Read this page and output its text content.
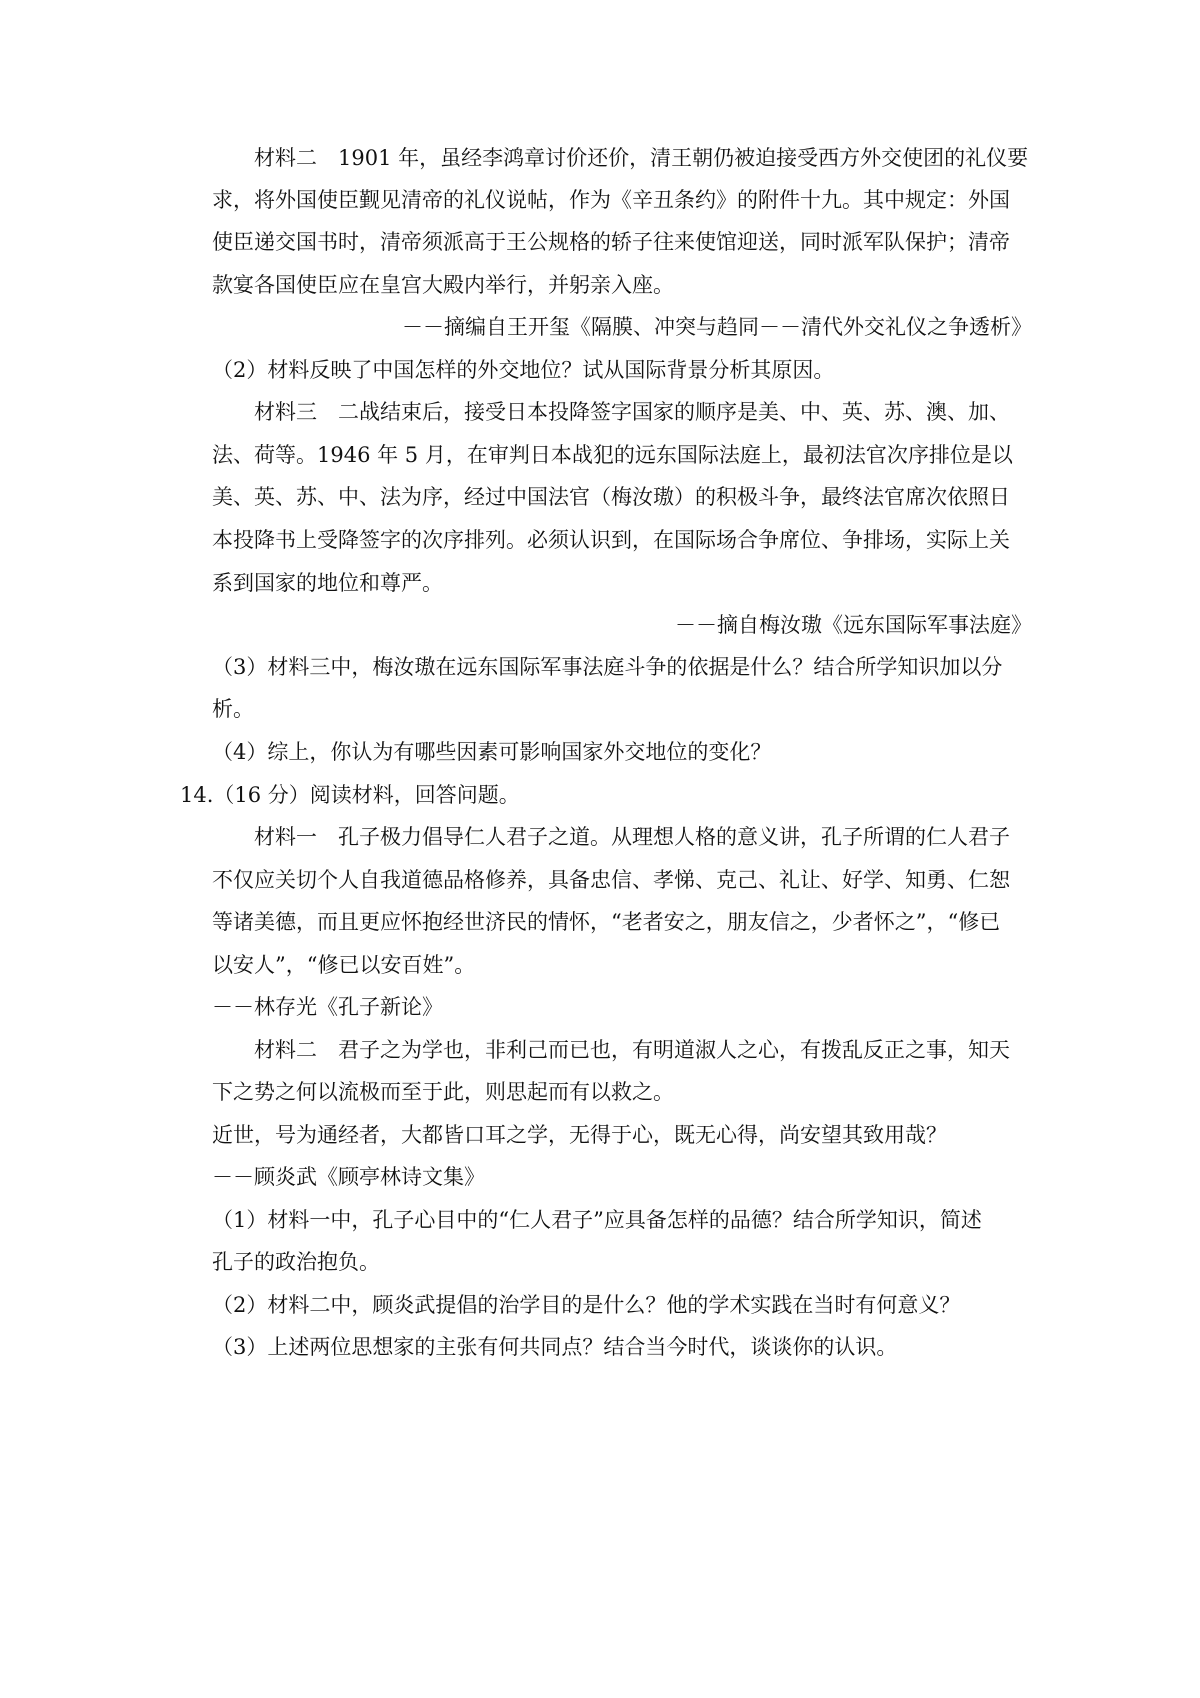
材料二　1901 年，虽经李鸿章讨价还价，清王朝仍被迫接受西方外交使团的礼仪要
求，将外国使臣觐见清帝的礼仪说帖，作为《辛丑条约》的附件十九。其中规定：外国
使臣递交国书时，清帝须派高于王公规格的轿子往来使馆迎送，同时派军队保护；清帝
款宴各国使臣应在皇宫大殿内举行，并躬亲入座。
－－摘编自王开玺《隔膜、冲突与趋同－－清代外交礼仪之争透析》
（2）材料反映了中国怎样的外交地位？试从国际背景分析其原因。
材料三　二战结束后，接受日本投降签字国家的顺序是美、中、英、苏、澳、加、
法、荷等。1946 年 5 月，在审判日本战犯的远东国际法庭上，最初法官次序排位是以
美、英、苏、中、法为序，经过中国法官（梅汝璈）的积极斗争，最终法官席次依照日
本投降书上受降签字的次序排列。必须认识到，在国际场合争席位、争排场，实际上关
系到国家的地位和尊严。
－－摘自梅汝璈《远东国际军事法庭》
（3）材料三中，梅汝璈在远东国际军事法庭斗争的依据是什么？结合所学知识加以分
析。
（4）综上，你认为有哪些因素可影响国家外交地位的变化？
14.（16 分）阅读材料，回答问题。
材料一　孔子极力倡导仁人君子之道。从理想人格的意义讲，孔子所谓的仁人君子
不仅应关切个人自我道德品格修养，具备忠信、孝悌、克己、礼让、好学、知勇、仁恕
等诸美德，而且更应怀抱经世济民的情怀，“老者安之，朋友信之，少者怀之”，“修已
以安人”，“修已以安百姓”。
－－林存光《孔子新论》
材料二　君子之为学也，非利己而已也，有明道淑人之心，有拨乱反正之事，知天
下之势之何以流极而至于此，则思起而有以救之。
近世，号为通经者，大都皆口耳之学，无得于心，既无心得，尚安望其致用哉？
－－顾炎武《顾亭林诗文集》
（1）材料一中，孔子心目中的“仁人君子”应具备怎样的品德？结合所学知识，简述
孔子的政治抱负。
（2）材料二中，顾炎武提倡的治学目的是什么？他的学术实践在当时有何意义？
（3）上述两位思想家的主张有何共同点？结合当今时代，谈谈你的认识。
